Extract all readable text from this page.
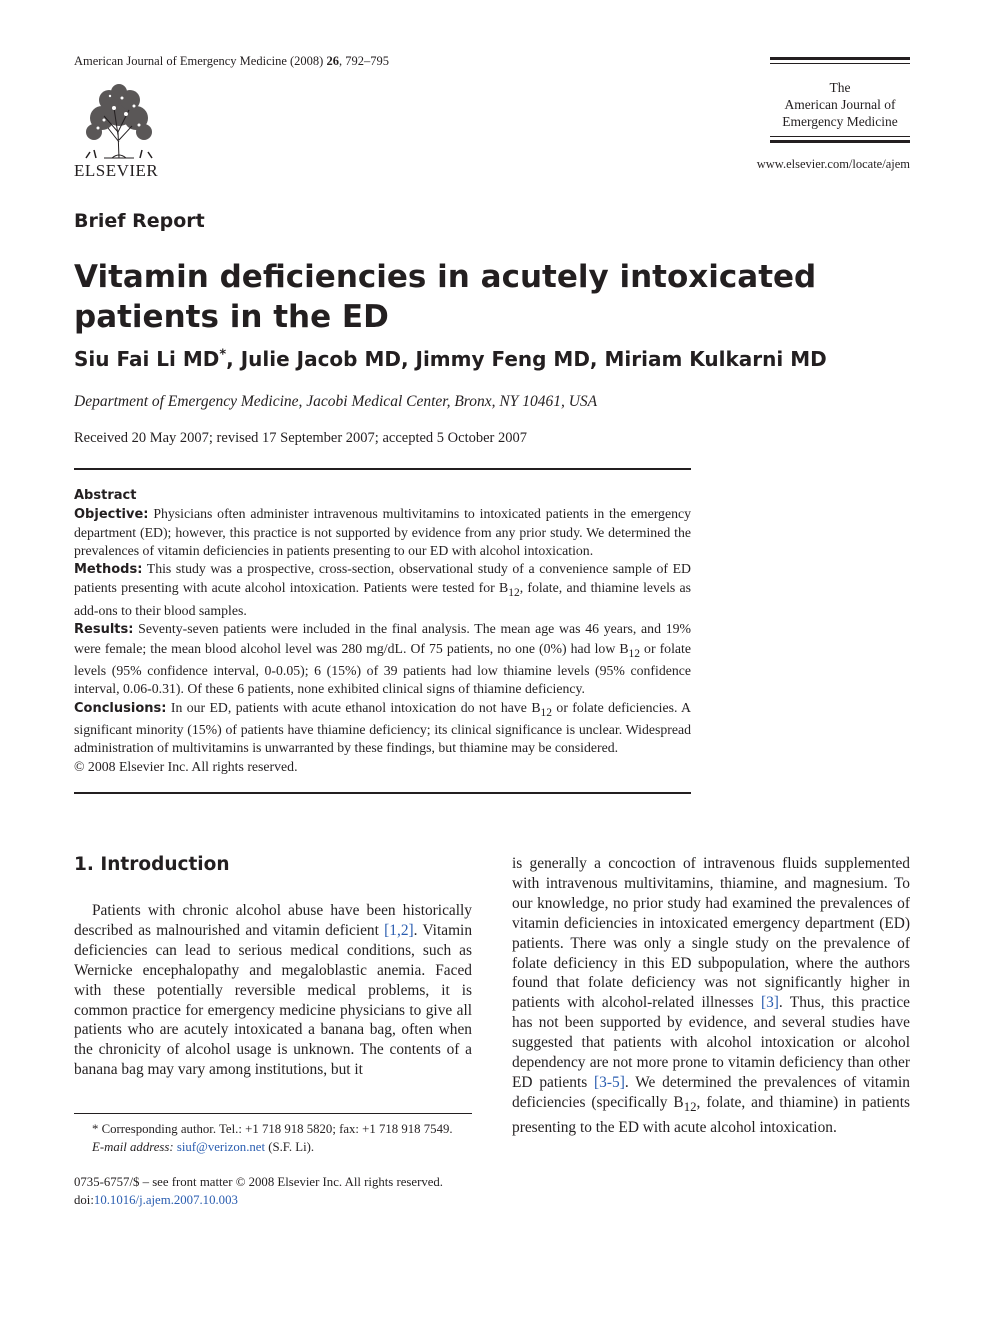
American Journal of Emergency Medicine (2008) 26, 792–795
ELSEVIER
The
American Journal of
Emergency Medicine
www.elsevier.com/locate/ajem
Brief Report
Vitamin deficiencies in acutely intoxicated patients in the ED
Siu Fai Li MD*, Julie Jacob MD, Jimmy Feng MD, Miriam Kulkarni MD
Department of Emergency Medicine, Jacobi Medical Center, Bronx, NY 10461, USA
Received 20 May 2007; revised 17 September 2007; accepted 5 October 2007

Abstract

Objective: Physicians often administer intravenous multivitamins to intoxicated patients in the emergency department (ED); however, this practice is not supported by evidence from any prior study. We determined the prevalences of vitamin deficiencies in patients presenting to our ED with alcohol intoxication.

Methods: This study was a prospective, cross-section, observational study of a convenience sample of ED patients presenting with acute alcohol intoxication. Patients were tested for $B_{12}$, folate, and thiamine levels as add-ons to their blood samples.

Results: Seventy-seven patients were included in the final analysis. The mean age was 46 years, and 19% were female; the mean blood alcohol level was 280 mg/dL. Of 75 patients, no one (0%) had low $B_{12}$ or folate levels (95% confidence interval, 0-0.05); 6 (15%) of 39 patients had low thiamine levels (95% confidence interval, 0.06-0.31). Of these 6 patients, none exhibited clinical signs of thiamine deficiency.

Conclusions: In our ED, patients with acute ethanol intoxication do not have $B_{12}$ or folate deficiencies. A significant minority (15%) of patients have thiamine deficiency; its clinical significance is unclear. Widespread administration of multivitamins is unwarranted by these findings, but thiamine may be considered.

© 2008 Elsevier Inc. All rights reserved.

1. Introduction

Patients with chronic alcohol abuse have been historically described as malnourished and vitamin deficient [1,2]. Vitamin deficiencies can lead to serious medical conditions, such as Wernicke encephalopathy and megaloblastic anemia. Faced with these potentially reversible medical problems, it is common practice for emergency medicine physicians to give all patients who are acutely intoxicated a banana bag, often when the chronicity of alcohol usage is unknown. The contents of a banana bag may vary among institutions, but it

is generally a concoction of intravenous fluids supplemented with intravenous multivitamins, thiamine, and magnesium. To our knowledge, no prior study had examined the prevalences of vitamin deficiencies in intoxicated emergency department (ED) patients. There was only a single study on the prevalence of folate deficiency in this ED subpopulation, where the authors found that folate deficiency was not significantly higher in patients with alcohol-related illnesses [3]. Thus, this practice has not been supported by evidence, and several studies have suggested that patients with alcohol intoxication or alcohol dependency are not more prone to vitamin deficiency than other ED patients [3-5]. We determined the prevalences of vitamin deficiencies (specifically $B_{12}$, folate, and thiamine) in patients presenting to the ED with acute alcohol intoxication.

* Corresponding author. Tel.: +1 718 918 5820; fax: +1 718 918 7549.
E-mail address: siuf@verizon.net (S.F. Li).
0735-6757/$ – see front matter © 2008 Elsevier Inc. All rights reserved.
doi:10.1016/j.ajem.2007.10.003
